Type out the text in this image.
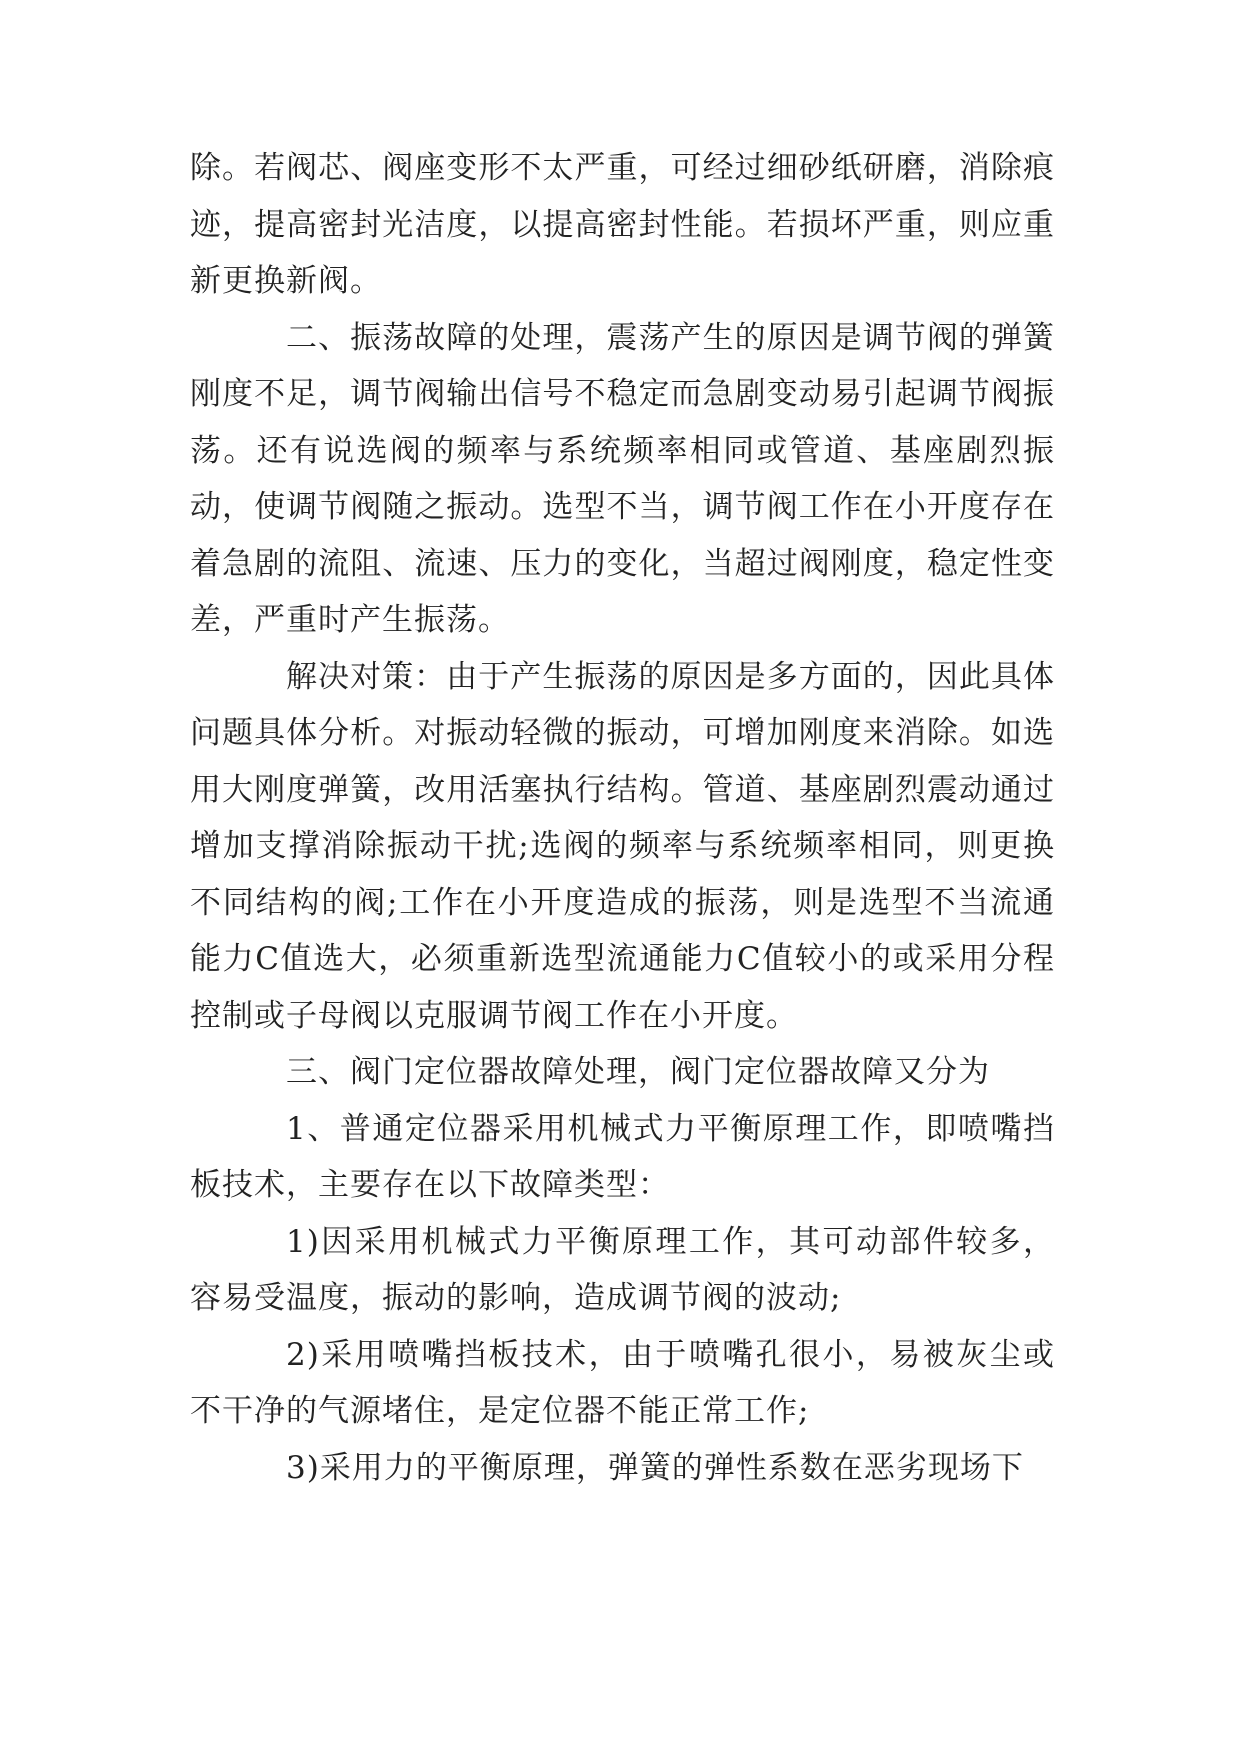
除。若阀芯、阀座变形不太严重，可经过细砂纸研磨，消除痕迹，提高密封光洁度，以提高密封性能。若损坏严重，则应重新更换新阀。

二、振荡故障的处理，震荡产生的原因是调节阀的弹簧刚度不足，调节阀输出信号不稳定而急剧变动易引起调节阀振荡。还有说选阀的频率与系统频率相同或管道、基座剧烈振动，使调节阀随之振动。选型不当，调节阀工作在小开度存在着急剧的流阻、流速、压力的变化，当超过阀刚度，稳定性变差，严重时产生振荡。

解决对策：由于产生振荡的原因是多方面的，因此具体问题具体分析。对振动轻微的振动，可增加刚度来消除。如选用大刚度弹簧，改用活塞执行结构。管道、基座剧烈震动通过增加支撑消除振动干扰;选阀的频率与系统频率相同，则更换不同结构的阀;工作在小开度造成的振荡，则是选型不当流通能力C值选大，必须重新选型流通能力C值较小的或采用分程控制或子母阀以克服调节阀工作在小开度。

三、阀门定位器故障处理，阀门定位器故障又分为

1、普通定位器采用机械式力平衡原理工作，即喷嘴挡板技术，主要存在以下故障类型：

1)因采用机械式力平衡原理工作，其可动部件较多，容易受温度，振动的影响，造成调节阀的波动;

2)采用喷嘴挡板技术，由于喷嘴孔很小，易被灰尘或不干净的气源堵住，是定位器不能正常工作;

3)采用力的平衡原理，弹簧的弹性系数在恶劣现场下
